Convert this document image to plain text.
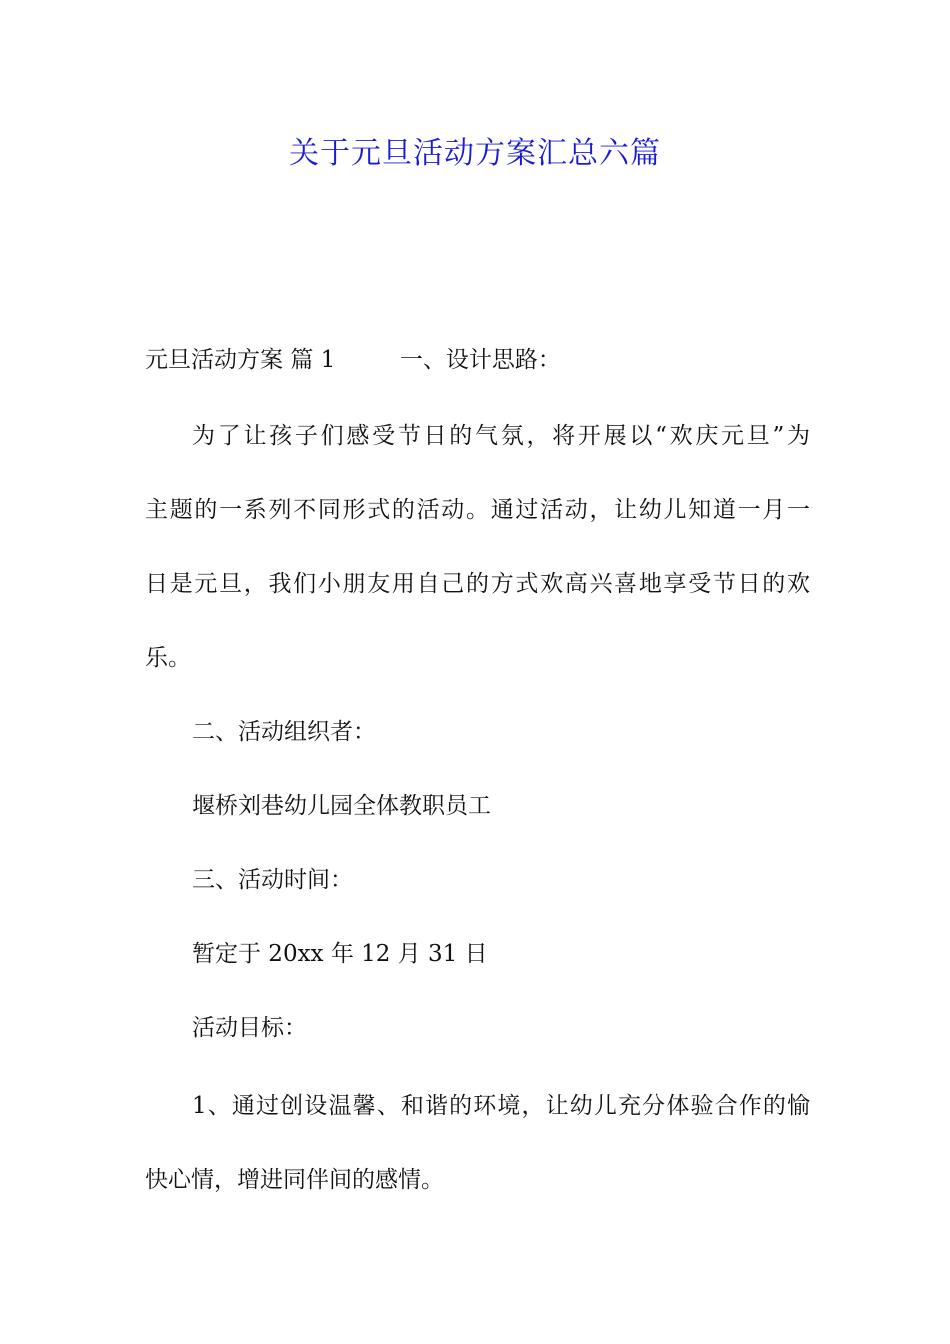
关于元旦活动方案汇总六篇
元旦活动方案 篇 1	一、设计思路：
为了让孩子们感受节日的气氛，将开展以“欢庆元旦”为
主题的一系列不同形式的活动。通过活动，让幼儿知道一月一
日是元旦，我们小朋友用自己的方式欢高兴喜地享受节日的欢
乐。
二、活动组织者：
堰桥刘巷幼儿园全体教职员工
三、活动时间：
暂定于 20xx 年 12 月 31 日
活动目标：
1、通过创设温馨、和谐的环境，让幼儿充分体验合作的愉
快心情，增进同伴间的感情。
